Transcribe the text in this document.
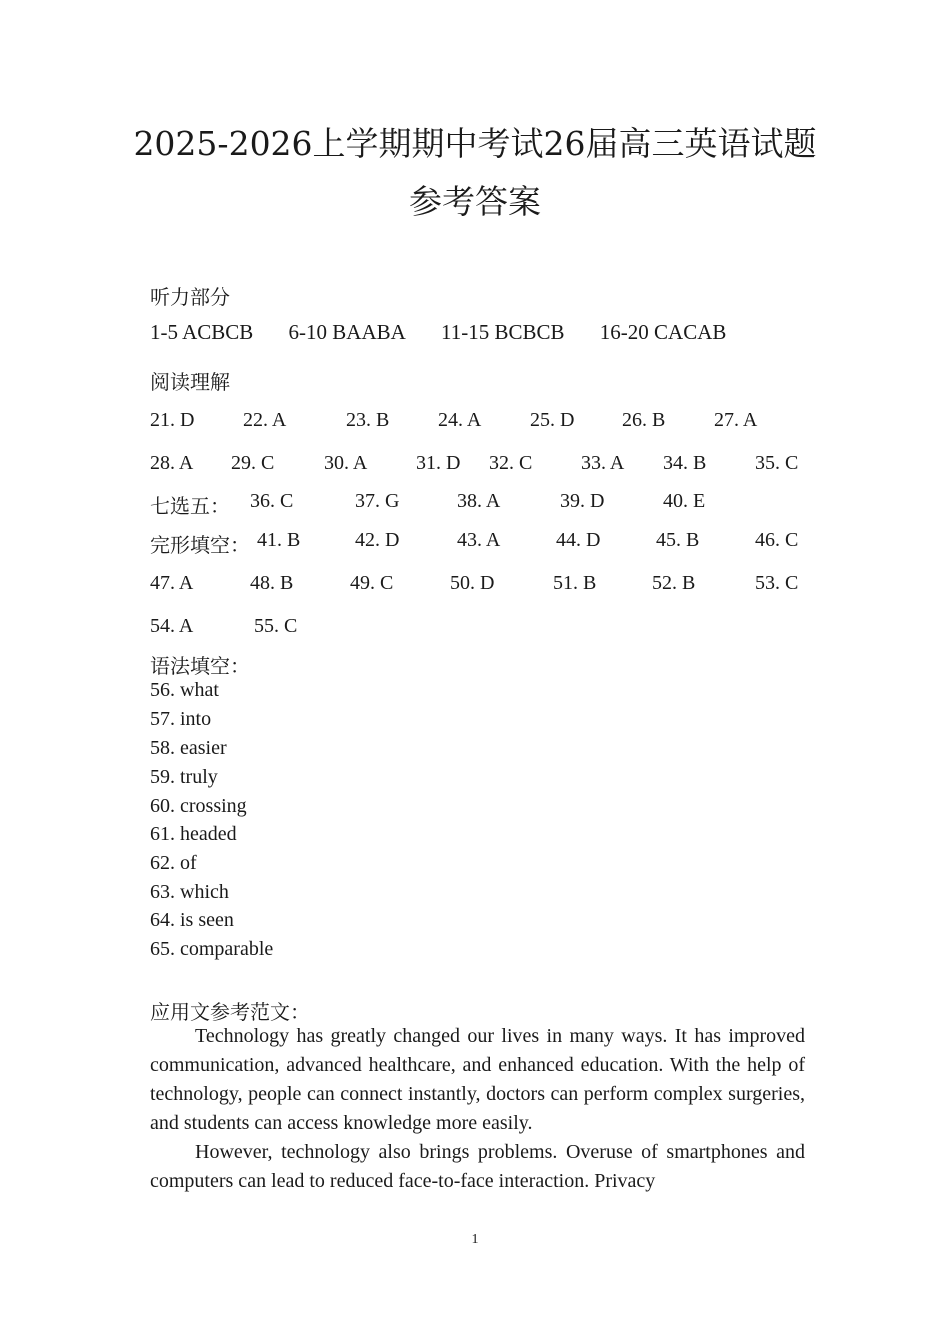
2025-2026上学期期中考试26届高三英语试题
参考答案
听力部分
1-5 ACBCB 6-10 BAABA 11-15 BCBCB 16-20 CACAB
阅读理解
21. D 22. A	23. B 24. A 25. D 26. B 27. A
28. A 29. C 30. A 31. D 32. C 33. A 34. B 35. C
七选五： 36. C	37. G	38. A	39. D	40. E
完形填空： 41. B	42. D	43. A	44. D	45. B	46. C
47. A	48. B	49. C	50. D	51. B	52. B	53. C
54. A	55. C
语法填空：
56. what
57. into
58. easier
59. truly
60. crossing
61. headed
62. of
63. which
64. is seen
65. comparable
应用文参考范文：

Technology has greatly changed our lives in many ways. It has improved communication, advanced healthcare, and enhanced education. With the help of technology, people can connect instantly, doctors can perform complex surgeries, and students can access knowledge more easily.

However, technology also brings problems. Overuse of smartphones and computers can lead to reduced face-to-face interaction. Privacy

1
